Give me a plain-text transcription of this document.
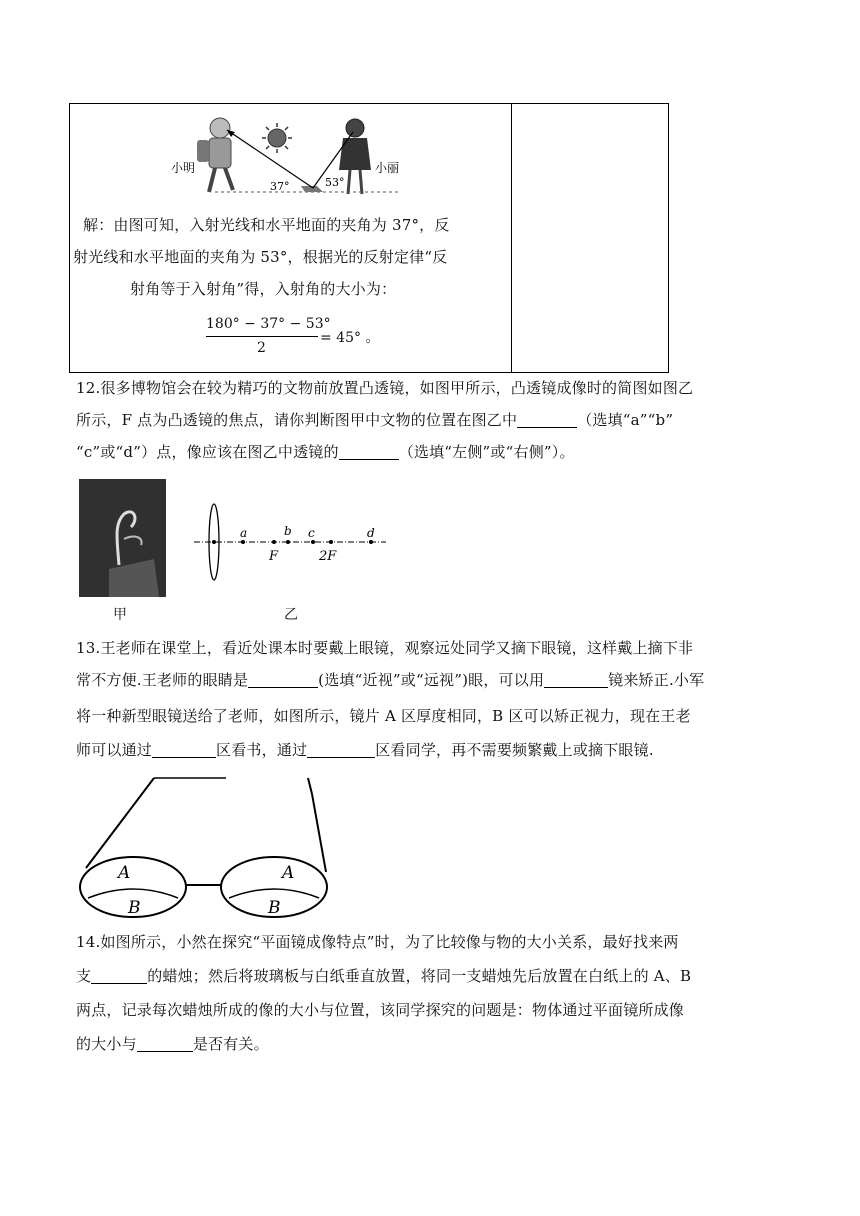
小明	小丽
37°	53°
解：由图可知，入射光线和水平地面的夹角为 37°，反
射光线和水平地面的夹角为 53°，根据光的反射定律“反
射角等于入射角”得，入射角的大小为：
180° − 37° − 53°
2
= 45° 。
12.很多博物馆会在较为精巧的文物前放置凸透镜，如图甲所示，凸透镜成像时的简图如图乙
所示，F 点为凸透镜的焦点，请你判断图甲中文物的位置在图乙中	（选填“a”“b”
“c”或“d”）点，像应该在图乙中透镜的	（选填“左侧”或“右侧”）。
甲
a	b c	d
F	2F
乙
13.王老师在课堂上，看近处课本时要戴上眼镜，观察远处同学又摘下眼镜，这样戴上摘下非
常不方便.王老师的眼睛是	(选填“近视”或“远视”)眼，可以用	镜来矫正.小军
将一种新型眼镜送给了老师，如图所示，镜片 A 区厚度相同，B 区可以矫正视力，现在王老
师可以通过	区看书，通过	区看同学，再不需要频繁戴上或摘下眼镜.
A
B
A
B
14.如图所示，小然在探究“平面镜成像特点”时，为了比较像与物的大小关系，最好找来两
支	的蜡烛；然后将玻璃板与白纸垂直放置，将同一支蜡烛先后放置在白纸上的 A、B
两点，记录每次蜡烛所成的像的大小与位置，该同学探究的问题是：物体通过平面镜所成像
的大小与	是否有关。
